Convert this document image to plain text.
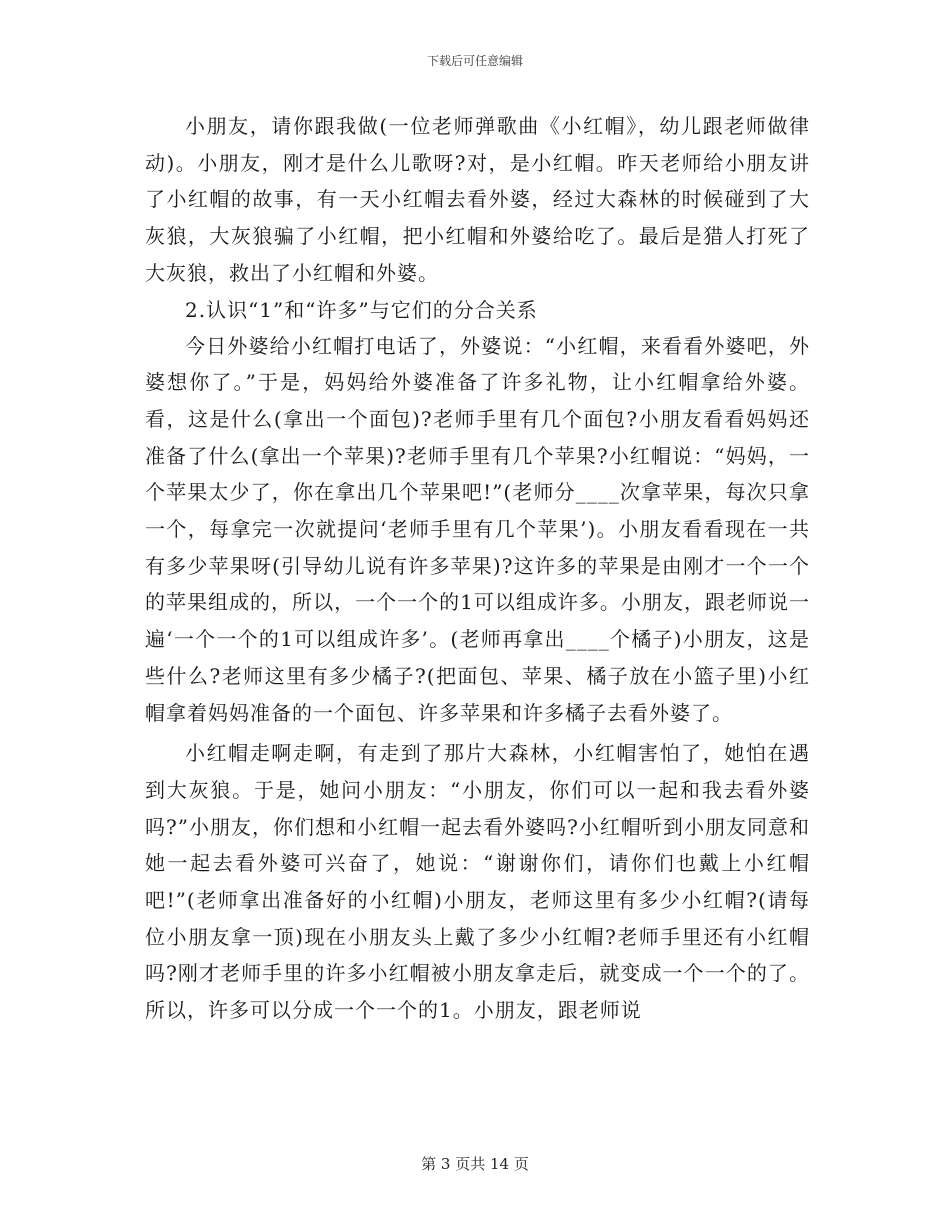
下载后可任意编辑

小朋友，请你跟我做(一位老师弹歌曲《小红帽》，幼儿跟老师做律动)。小朋友，刚才是什么儿歌呀?对，是小红帽。昨天老师给小朋友讲了小红帽的故事，有一天小红帽去看外婆，经过大森林的时候碰到了大灰狼，大灰狼骗了小红帽，把小红帽和外婆给吃了。最后是猎人打死了大灰狼，救出了小红帽和外婆。

2.认识“1”和“许多”与它们的分合关系

今日外婆给小红帽打电话了，外婆说：“小红帽，来看看外婆吧，外婆想你了。”于是，妈妈给外婆准备了许多礼物，让小红帽拿给外婆。看，这是什么(拿出一个面包)?老师手里有几个面包?小朋友看看妈妈还准备了什么(拿出一个苹果)?老师手里有几个苹果?小红帽说：“妈妈，一个苹果太少了，你在拿出几个苹果吧!”(老师分____次拿苹果，每次只拿一个，每拿完一次就提问‘老师手里有几个苹果’)。小朋友看看现在一共有多少苹果呀(引导幼儿说有许多苹果)?这许多的苹果是由刚才一个一个的苹果组成的，所以，一个一个的1可以组成许多。小朋友，跟老师说一遍‘一个一个的1可以组成许多’。(老师再拿出____个橘子)小朋友，这是些什么?老师这里有多少橘子?(把面包、苹果、橘子放在小篮子里)小红帽拿着妈妈准备的一个面包、许多苹果和许多橘子去看外婆了。

小红帽走啊走啊，有走到了那片大森林，小红帽害怕了，她怕在遇到大灰狼。于是，她问小朋友：“小朋友，你们可以一起和我去看外婆吗?”小朋友，你们想和小红帽一起去看外婆吗?小红帽听到小朋友同意和她一起去看外婆可兴奋了，她说：“谢谢你们，请你们也戴上小红帽吧!”(老师拿出准备好的小红帽)小朋友，老师这里有多少小红帽?(请每位小朋友拿一顶)现在小朋友头上戴了多少小红帽?老师手里还有小红帽吗?刚才老师手里的许多小红帽被小朋友拿走后，就变成一个一个的了。所以，许多可以分成一个一个的1。小朋友，跟老师说

第 3 页共 14 页
